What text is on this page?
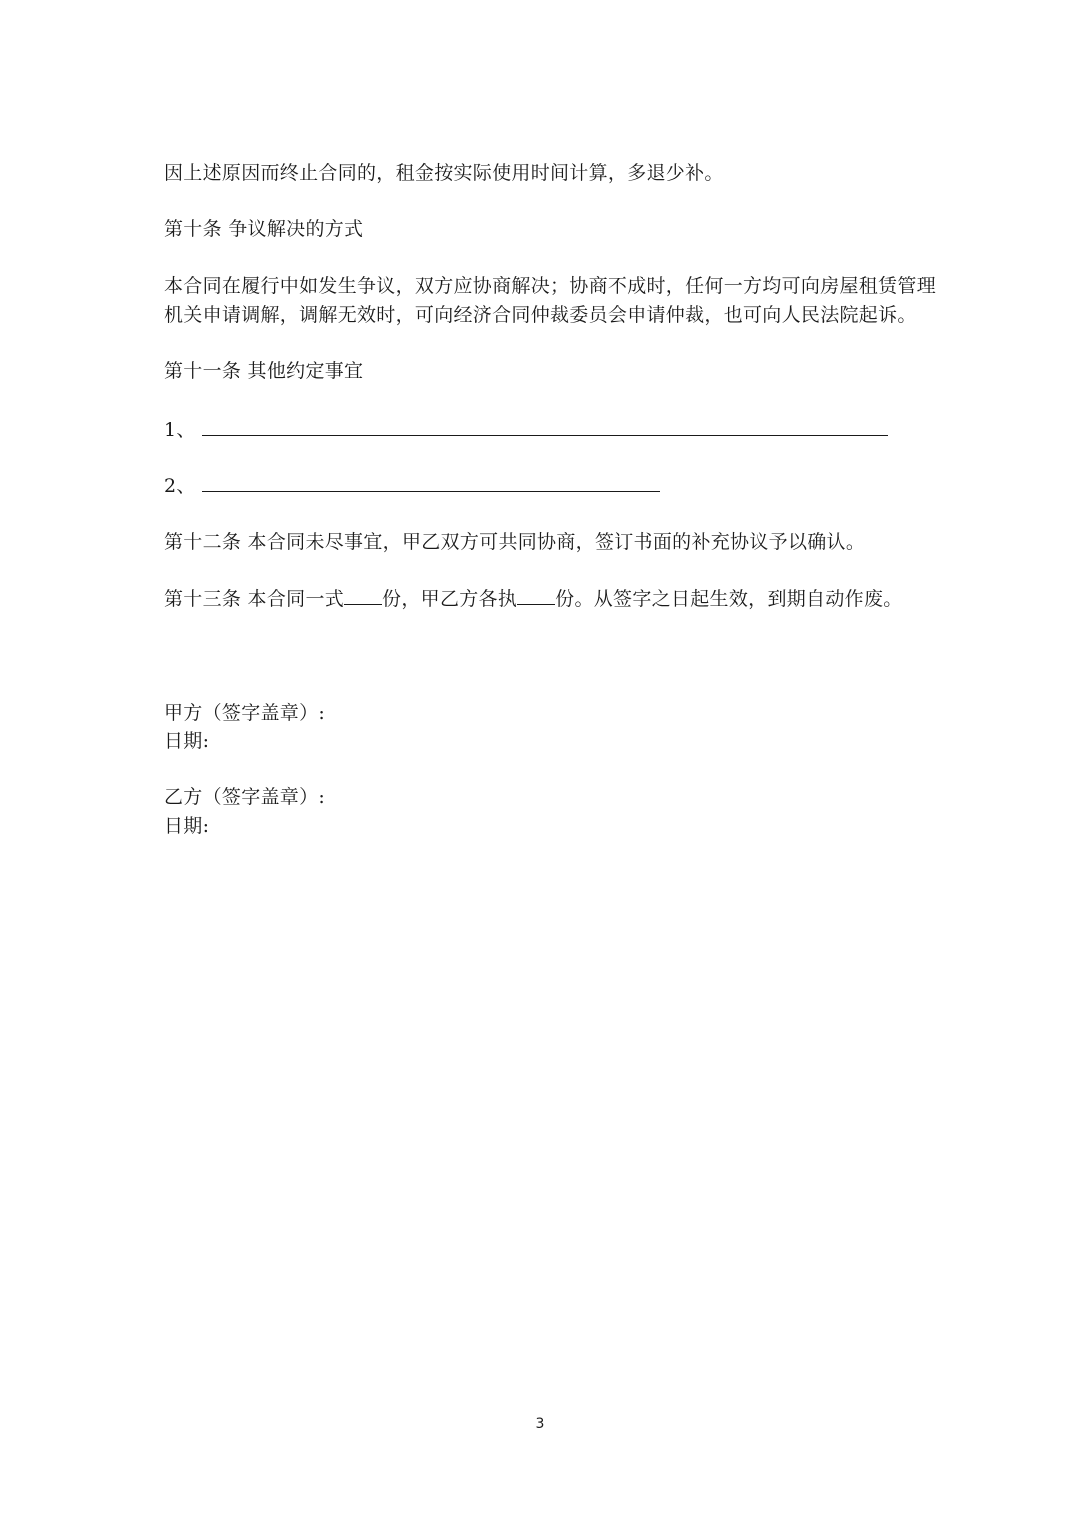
因上述原因而终止合同的，租金按实际使用时间计算，多退少补。
第十条 争议解决的方式
本合同在履行中如发生争议，双方应协商解决；协商不成时，任何一方均可向房屋租赁管理
机关申请调解，调解无效时，可向经济合同仲裁委员会申请仲裁，也可向人民法院起诉。
第十一条 其他约定事宜
1、
2、
第十二条 本合同未尽事宜，甲乙双方可共同协商，签订书面的补充协议予以确认。
第十三条 本合同一式 份，甲乙方各执 份。从签字之日起生效，到期自动作废。
甲方（签字盖章）:
日期:
乙方（签字盖章）:
日期:
3
